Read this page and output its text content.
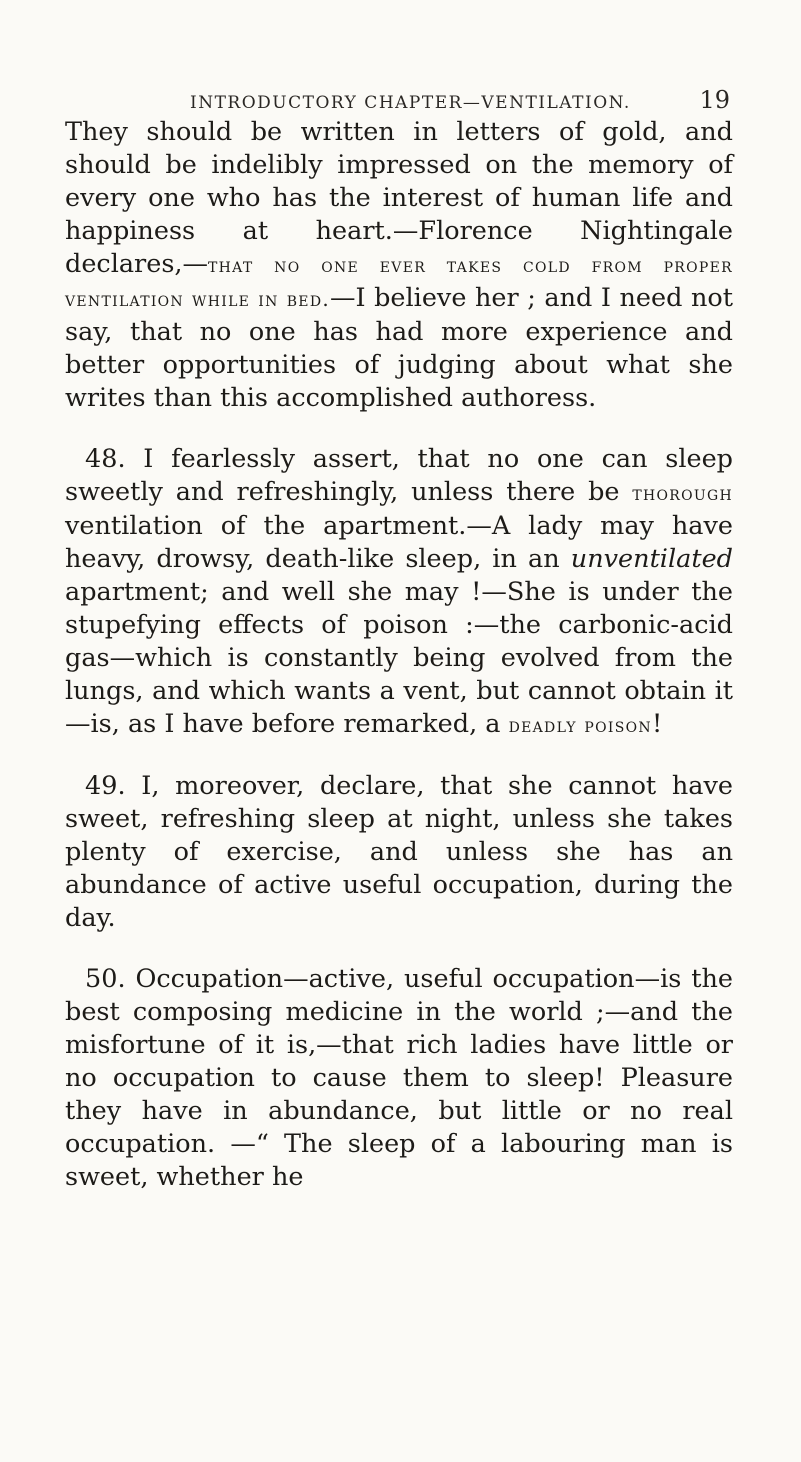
INTRODUCTORY CHAPTER—VENTILATION.	19

They should be written in letters of gold, and should be indelibly impressed on the memory of every one who has the interest of human life and happiness at heart.—Florence Nightingale declares,—that no one ever takes cold from proper ventilation while in bed.—I believe her ; and I need not say, that no one has had more experience and better opportunities of judging about what she writes than this accomplished authoress.

48. I fearlessly assert, that no one can sleep sweetly and refreshingly, unless there be thorough ventilation of the apartment.—A lady may have heavy, drowsy, death-like sleep, in an unventilated apartment; and well she may !—She is under the stupefying effects of poison :—the carbonic-acid gas—which is constantly being evolved from the lungs, and which wants a vent, but cannot obtain it—is, as I have before remarked, a deadly poison!

49. I, moreover, declare, that she cannot have sweet, refreshing sleep at night, unless she takes plenty of exercise, and unless she has an abundance of active useful occupation, during the day.

50. Occupation—active, useful occupation—is the best composing medicine in the world ;—and the misfortune of it is,—that rich ladies have little or no occupation to cause them to sleep! Pleasure they have in abundance, but little or no real occupation. —“ The sleep of a labouring man is sweet, whether he
